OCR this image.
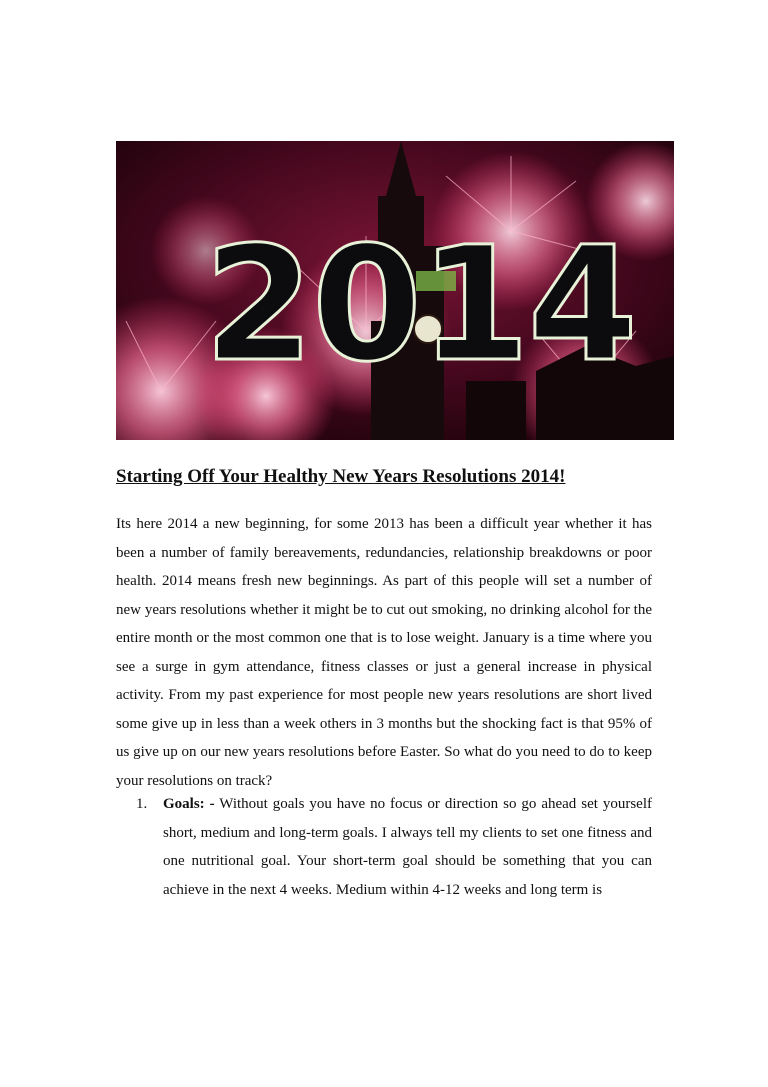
2014
Starting Off Your Healthy New Years Resolutions 2014!

Its here 2014 a new beginning, for some 2013 has been a difficult year whether it has been a number of family bereavements, redundancies, relationship breakdowns or poor health. 2014 means fresh new beginnings. As part of this people will set a number of new years resolutions whether it might be to cut out smoking, no drinking alcohol for the entire month or the most common one that is to lose weight. January is a time where you see a surge in gym attendance, fitness classes or just a general increase in physical activity. From my past experience for most people new years resolutions are short lived some give up in less than a week others in 3 months but the shocking fact is that 95% of us give up on our new years resolutions before Easter. So what do you need to do to keep your resolutions on track?

1. Goals: - Without goals you have no focus or direction so go ahead set yourself short, medium and long-term goals. I always tell my clients to set one fitness and one nutritional goal. Your short-term goal should be something that you can achieve in the next 4 weeks. Medium within 4-12 weeks and long term is
